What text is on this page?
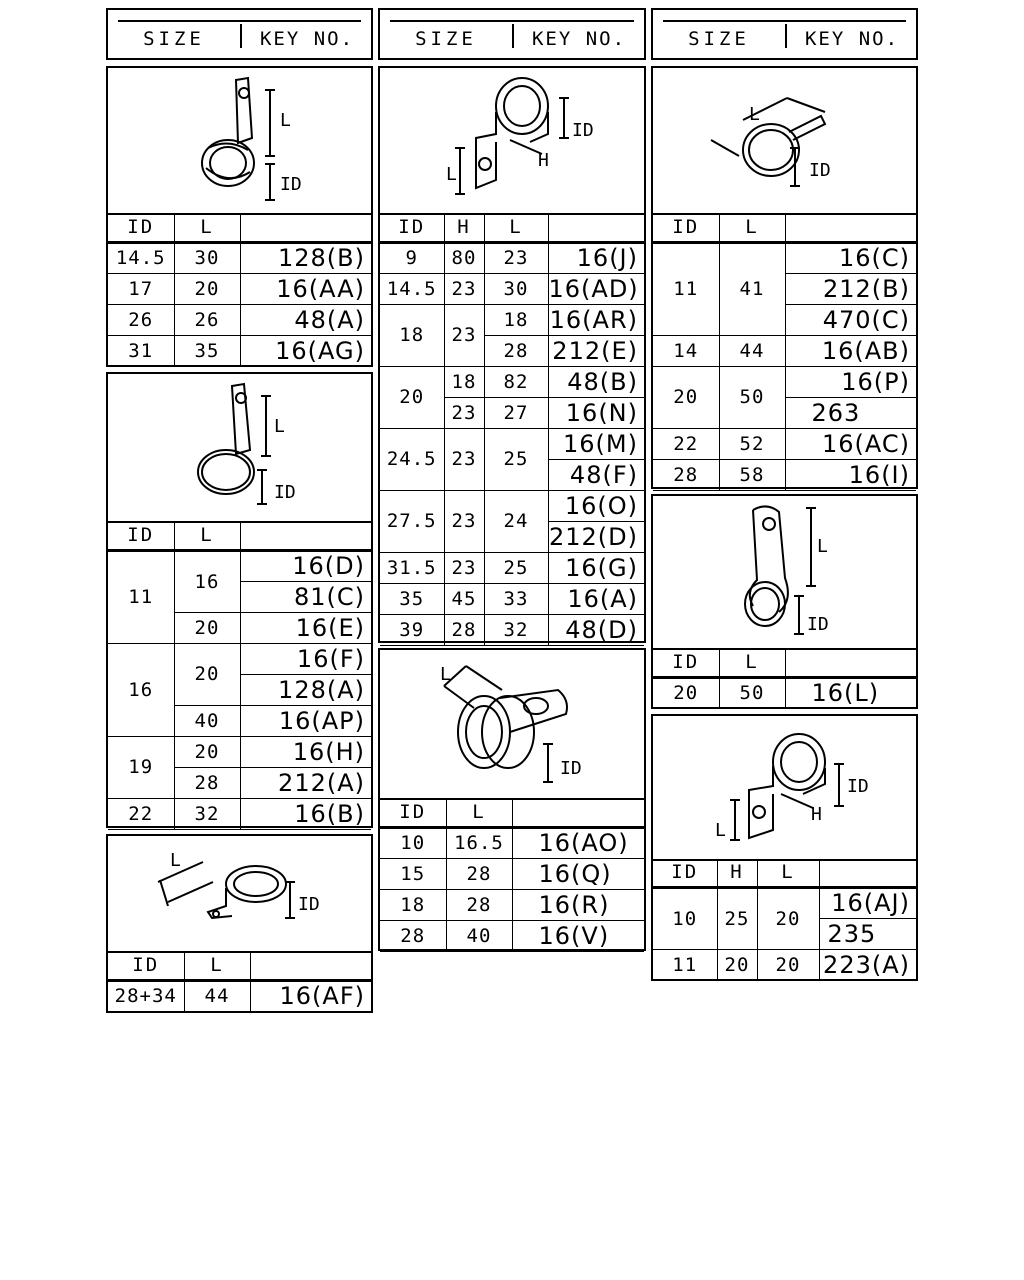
SIZE	KEY NO.	SIZE	KEY NO.	SIZE	KEY NO.
L
ID
ID	L	
14.5	30	128(B)
17	20	16(AA)
26	26	48(A)
31	35	16(AG)
L
ID
ID	L	
11	16	16(D)
		81(C)
	20	16(E)
16	20	16(F)
		128(A)
	40	16(AP)
19	20	16(H)
	28	212(A)
22	32	16(B)
L
ID
ID	L	
28+34	44	16(AF)
ID
H
L
ID	H	L	
9	80	23	16(J)
14.5	23	30	16(AD)
18	23	18	16(AR)
		28	212(E)
20	18	82	48(B)
	23	27	16(N)
24.5	23	25	16(M)
			48(F)
27.5	23	24	16(O)
			212(D)
31.5	23	25	16(G)
35	45	33	16(A)
39	28	32	48(D)
L
ID
ID	L	
10	16.5	16(AO)
15	28	16(Q)
18	28	16(R)
28	40	16(V)
L
ID
ID	L	
11	41	16(C)
		212(B)
		470(C)
14	44	16(AB)
20	50	16(P)
		263
22	52	16(AC)
28	58	16(I)
L
ID
ID	L	
20	50	16(L)
ID
H
L
ID	H	L	
10	25	20	16(AJ)
			235
11	20	20	223(A)
